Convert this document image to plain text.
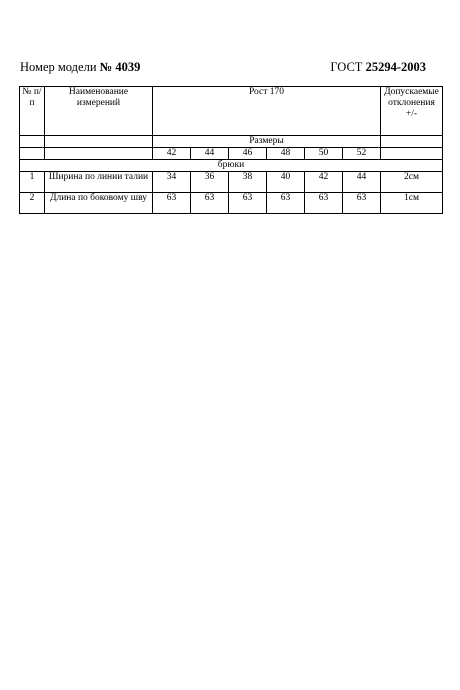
Номер модели № 4039	ГОСТ 25294-2003
№ п/п	Наименование измерений	Рост 170						Допускаемые отклонения +/-
		Размеры						
		42	44	46	48	50	52	
брюки								
1	Ширина по линии талии	34	36	38	40	42	44	2см
2	Длина по боковому шву	63	63	63	63	63	63	1см
